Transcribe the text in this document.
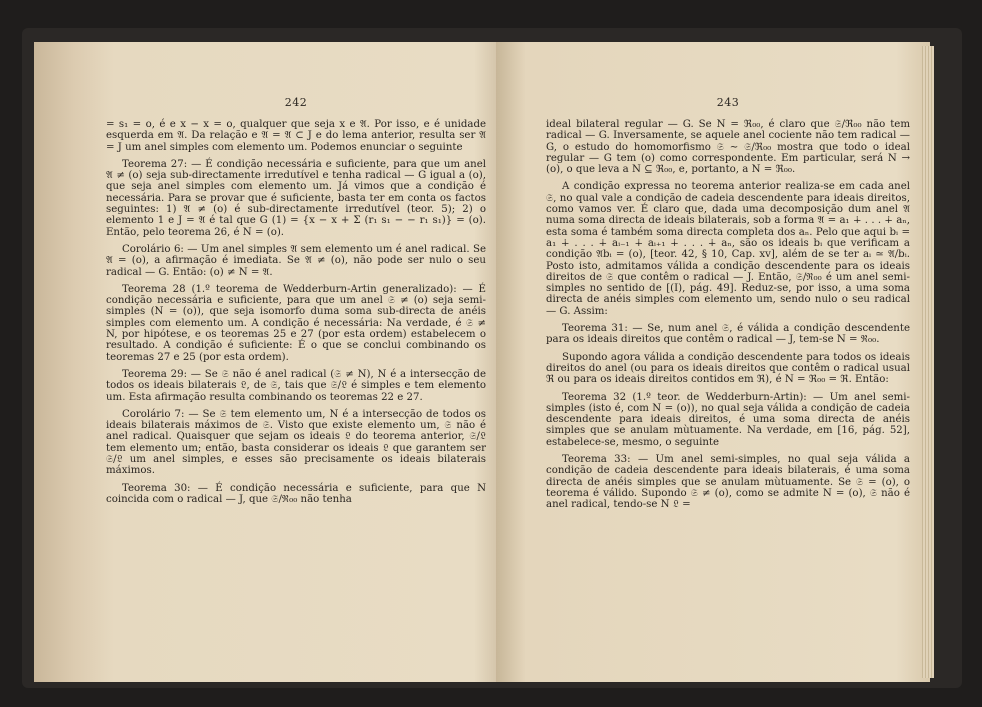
242

= s₁ = o, é e x − x = o, qualquer que seja x e 𝔄. Por isso, e é unidade esquerda em 𝔄. Da relação e 𝔄 = 𝔄 ⊂ J e do lema anterior, resulta ser 𝔄 = J um anel simples com elemento um. Podemos enunciar o seguinte

Teorema 27: — É condição necessária e suficiente, para que um anel 𝔄 ≠ (o) seja sub-directamente irredutível e tenha radical — G igual a (o), que seja anel simples com elemento um. Já vimos que a condição é necessária. Para se provar que é suficiente, basta ter em conta os factos seguintes: 1) 𝔄 ≠ (o) é sub-directamente irredutível (teor. 5); 2) o elemento 1 e J = 𝔄 é tal que G (1) = {x − x + Σ (r₁ s₁ − − r₁ s₁)} = (o). Então, pelo teorema 26, é N = (o).

Corolário 6: — Um anel simples 𝔄 sem elemento um é anel radical. Se 𝔄 = (o), a afirmação é imediata. Se 𝔄 ≠ (o), não pode ser nulo o seu radical — G. Então: (o) ≠ N = 𝔄.

Teorema 28 (1.º teorema de Wedderburn-Artin generalizado): — É condição necessária e suficiente, para que um anel 𝔖 ≠ (o) seja semi-simples (N = (o)), que seja isomorfo duma soma sub-directa de anéis simples com elemento um. A condição é necessária: Na verdade, é 𝔖 ≠ N, por hipótese, e os teoremas 25 e 27 (por esta ordem) estabelecem o resultado. A condição é suficiente: É o que se conclui combinando os teoremas 27 e 25 (por esta ordem).

Teorema 29: — Se 𝔖 não é anel radical (𝔖 ≠ N), N é a intersecção de todos os ideais bilaterais 𝔏, de 𝔖, tais que 𝔖/𝔏 é simples e tem elemento um. Esta afirmação resulta combinando os teoremas 22 e 27.

Corolário 7: — Se 𝔖 tem elemento um, N é a intersecção de todos os ideais bilaterais máximos de 𝔖. Visto que existe elemento um, 𝔖 não é anel radical. Quaisquer que sejam os ideais 𝔏 do teorema anterior, 𝔖/𝔏 tem elemento um; então, basta considerar os ideais 𝔏 que garantem ser 𝔖/𝔏 um anel simples, e esses são precisamente os ideais bilaterais máximos.

Teorema 30: — É condição necessária e suficiente, para que N coincida com o radical — J, que 𝔖/ℜ₀₀ não tenha

243

ideal bilateral regular — G. Se N = ℜ₀₀, é claro que 𝔖/ℜ₀₀ não tem radical — G. Inversamente, se aquele anel cociente não tem radical — G, o estudo do homomorfismo 𝔖 ∼ 𝔖/ℜ₀₀ mostra que todo o ideal regular — G tem (o) como correspondente. Em particular, será N → (o), o que leva a N ⊆ ℜ₀₀, e, portanto, a N = ℜ₀₀.

A condição expressa no teorema anterior realiza-se em cada anel 𝔖, no qual vale a condição de cadeia descendente para ideais direitos, como vamos ver. É claro que, dada uma decomposição dum anel 𝔄 numa soma directa de ideais bilaterais, sob a forma 𝔄 = a₁ ∔ . . . ∔ aₙ, esta soma é também soma directa completa dos aₙ. Pelo que aqui bᵢ = a₁ ∔ . . . ∔ aᵢ₋₁ ∔ aᵢ₊₁ ∔ . . . ∔ aₙ, são os ideais bᵢ que verificam a condição 𝔄bᵢ = (o), [teor. 42, § 10, Cap. xv], além de se ter aᵢ ≃ 𝔄/bᵢ. Posto isto, admitamos válida a condição descendente para os ideais direitos de 𝔖 que contêm o radical — J. Então, 𝔖/ℜ₀₀ é um anel semi-simples no sentido de [(I), pág. 49]. Reduz-se, por isso, a uma soma directa de anéis simples com elemento um, sendo nulo o seu radical — G. Assim:

Teorema 31: — Se, num anel 𝔖, é válida a condição descendente para os ideais direitos que contêm o radical — J, tem-se N = ℜ₀₀.

Supondo agora válida a condição descendente para todos os ideais direitos do anel (ou para os ideais direitos que contêm o radical usual ℜ ou para os ideais direitos contidos em ℜ), é N = ℜ₀₀ = ℜ. Então:

Teorema 32 (1.º teor. de Wedderburn-Artin): — Um anel semi-simples (isto é, com N = (o)), no qual seja válida a condição de cadeia descendente para ideais direitos, é uma soma directa de anéis simples que se anulam mùtuamente. Na verdade, em [16, pág. 52], estabelece-se, mesmo, o seguinte

Teorema 33: — Um anel semi-simples, no qual seja válida a condição de cadeia descendente para ideais bilaterais, é uma soma directa de anéis simples que se anulam mùtuamente. Se 𝔖 = (o), o teorema é válido. Supondo 𝔖 ≠ (o), como se admite N = (o), 𝔖 não é anel radical, tendo-se N 𝔏 =
